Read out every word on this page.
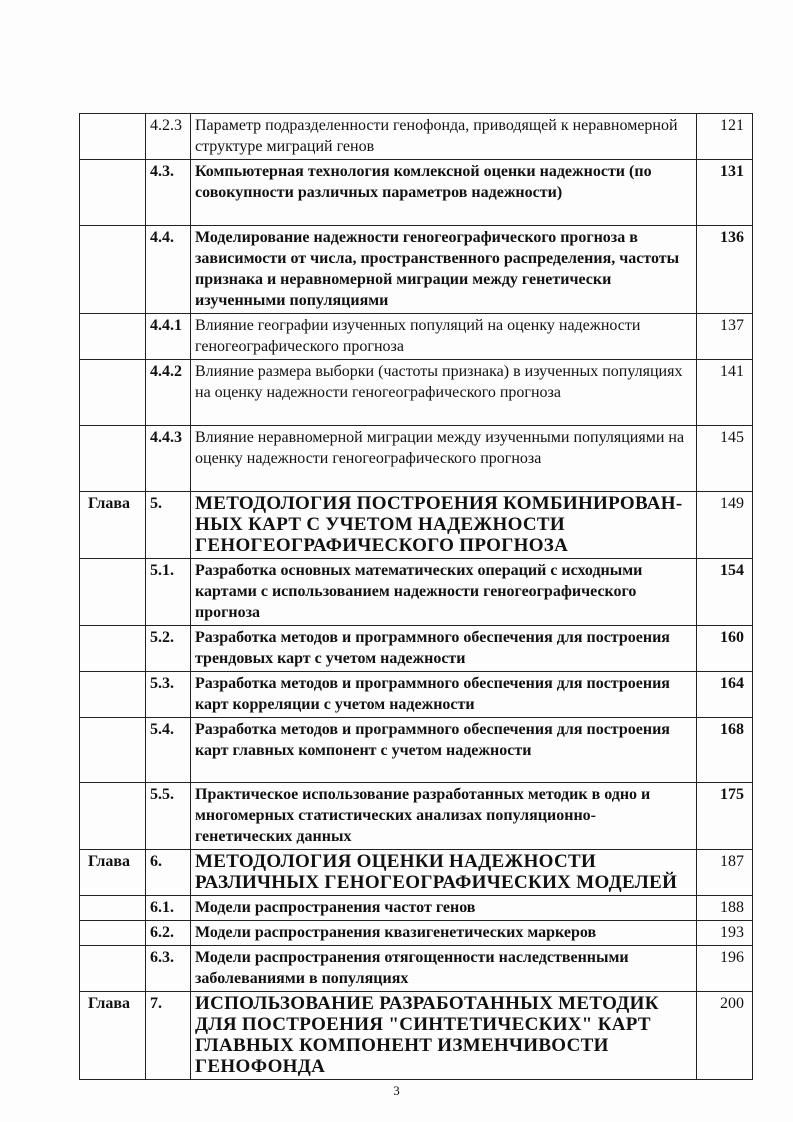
	4.2.3	Параметр подразделенности генофонда, приводящей к неравномерной структуре миграций генов	121
	4.3.	Компьютерная технология комлексной оценки надежности (по совокупности различных параметров надежности)	131
	4.4.	Моделирование надежности геногеографического прогноза в зависимости от числа, пространственного распределения, частоты признака и неравномерной миграции между генетически изученными популяциями	136
	4.4.1	Влияние географии изученных популяций на оценку надежности геногеографического прогноза	137
	4.4.2	Влияние размера выборки (частоты признака) в изученных популяциях на оценку надежности геногеографического прогноза	141
	4.4.3	Влияние неравномерной миграции между изученными популяциями на оценку надежности геногеографического прогноза	145
Глава	5.	МЕТОДОЛОГИЯ ПОСТРОЕНИЯ КОМБИНИРОВАН-НЫХ КАРТ С УЧЕТОМ НАДЕЖНОСТИ ГЕНОГЕОГРАФИЧЕСКОГО ПРОГНОЗА	149
	5.1.	Разработка основных математических операций с исходными картами с использованием надежности геногеографического прогноза	154
	5.2.	Разработка методов и программного обеспечения для построения трендовых карт с учетом надежности	160
	5.3.	Разработка методов и программного обеспечения для построения карт корреляции с учетом надежности	164
	5.4.	Разработка методов и программного обеспечения для построения карт главных компонент с учетом надежности	168
	5.5.	Практическое использование разработанных методик в одно и многомерных статистических анализах популяционно-генетических данных	175
Глава	6.	МЕТОДОЛОГИЯ ОЦЕНКИ НАДЕЖНОСТИ РАЗЛИЧНЫХ ГЕНОГЕОГРАФИЧЕСКИХ МОДЕЛЕЙ	187
	6.1.	Модели распространения частот генов	188
	6.2.	Модели распространения квазигенетических маркеров	193
	6.3.	Модели распространения отягощенности наследственными заболеваниями в популяциях	196
Глава	7.	ИСПОЛЬЗОВАНИЕ РАЗРАБОТАННЫХ МЕТОДИК ДЛЯ ПОСТРОЕНИЯ "СИНТЕТИЧЕСКИХ" КАРТ ГЛАВНЫХ КОМПОНЕНТ ИЗМЕНЧИВОСТИ ГЕНОФОНДА	200
3
